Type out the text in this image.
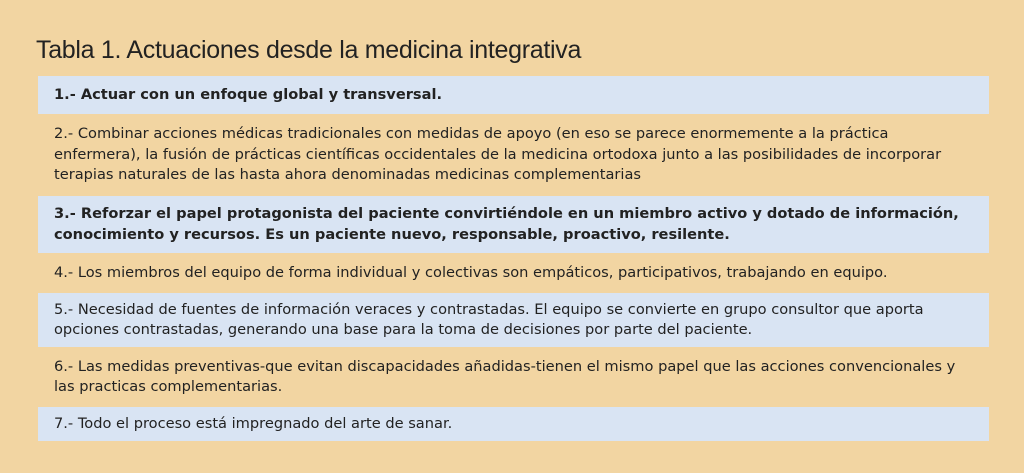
Tabla 1. Actuaciones desde la medicina integrativa
1.- Actuar con un enfoque global y transversal.
2.- Combinar acciones médicas tradicionales con medidas de apoyo (en eso se parece enormemente a la práctica enfermera), la fusión de prácticas científicas occidentales de la medicina ortodoxa junto a las posibilidades de incorporar terapias naturales de las hasta ahora denominadas medicinas complementarias
3.- Reforzar el papel protagonista del paciente convirtiéndole en un miembro activo y dotado de información, conocimiento y recursos. Es un paciente nuevo, responsable, proactivo, resilente.
4.- Los miembros del equipo de forma individual y colectivas son empáticos, participativos, trabajando en equipo.
5.- Necesidad de fuentes de información veraces y contrastadas. El equipo se convierte en grupo consultor que aporta opciones contrastadas, generando una base para la toma de decisiones por parte del paciente.
6.- Las medidas preventivas-que evitan discapacidades añadidas-tienen el mismo papel que las acciones convencionales y las practicas complementarias.
7.- Todo el proceso está impregnado del arte de sanar.
